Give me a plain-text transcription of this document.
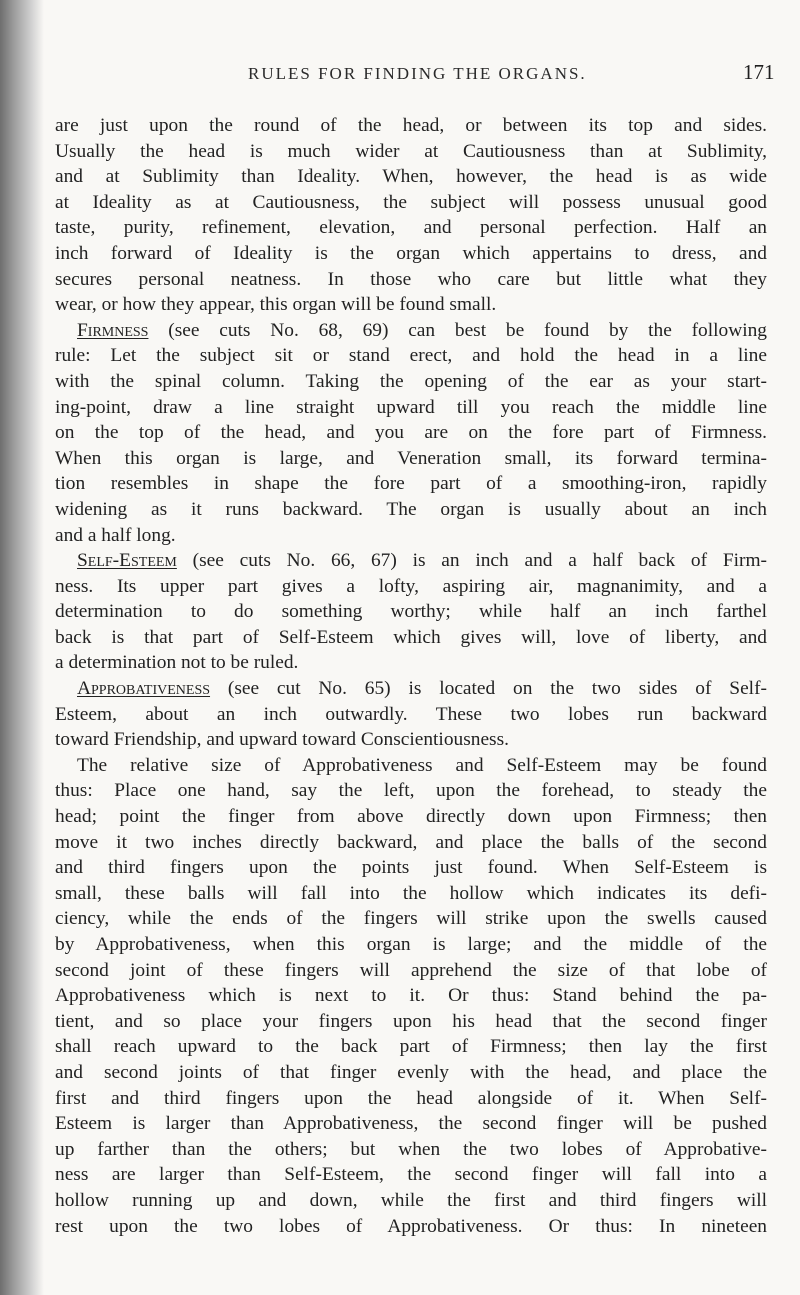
RULES FOR FINDING THE ORGANS.	171
are just upon the round of the head, or between its top and sides.
Usually the head is much wider at Cautiousness than at Sublimity,
and at Sublimity than Ideality. When, however, the head is as wide
at Ideality as at Cautiousness, the subject will possess unusual good
taste, purity, refinement, elevation, and personal perfection. Half an
inch forward of Ideality is the organ which appertains to dress, and
secures personal neatness. In those who care but little what they
wear, or how they appear, this organ will be found small.
Firmness (see cuts No. 68, 69) can best be found by the following
rule: Let the subject sit or stand erect, and hold the head in a line
with the spinal column. Taking the opening of the ear as your start-
ing-point, draw a line straight upward till you reach the middle line
on the top of the head, and you are on the fore part of Firmness.
When this organ is large, and Veneration small, its forward termina-
tion resembles in shape the fore part of a smoothing-iron, rapidly
widening as it runs backward. The organ is usually about an inch
and a half long.
Self-Esteem (see cuts No. 66, 67) is an inch and a half back of Firm-
ness. Its upper part gives a lofty, aspiring air, magnanimity, and a
determination to do something worthy; while half an inch farthel
back is that part of Self-Esteem which gives will, love of liberty, and
a determination not to be ruled.
Approbativeness (see cut No. 65) is located on the two sides of Self-
Esteem, about an inch outwardly. These two lobes run backward
toward Friendship, and upward toward Conscientiousness.
The relative size of Approbativeness and Self-Esteem may be found
thus: Place one hand, say the left, upon the forehead, to steady the
head; point the finger from above directly down upon Firmness; then
move it two inches directly backward, and place the balls of the second
and third fingers upon the points just found. When Self-Esteem is
small, these balls will fall into the hollow which indicates its defi-
ciency, while the ends of the fingers will strike upon the swells caused
by Approbativeness, when this organ is large; and the middle of the
second joint of these fingers will apprehend the size of that lobe of
Approbativeness which is next to it. Or thus: Stand behind the pa-
tient, and so place your fingers upon his head that the second finger
shall reach upward to the back part of Firmness; then lay the first
and second joints of that finger evenly with the head, and place the
first and third fingers upon the head alongside of it. When Self-
Esteem is larger than Approbativeness, the second finger will be pushed
up farther than the others; but when the two lobes of Approbative-
ness are larger than Self-Esteem, the second finger will fall into a
hollow running up and down, while the first and third fingers will
rest upon the two lobes of Approbativeness. Or thus: In nineteen
